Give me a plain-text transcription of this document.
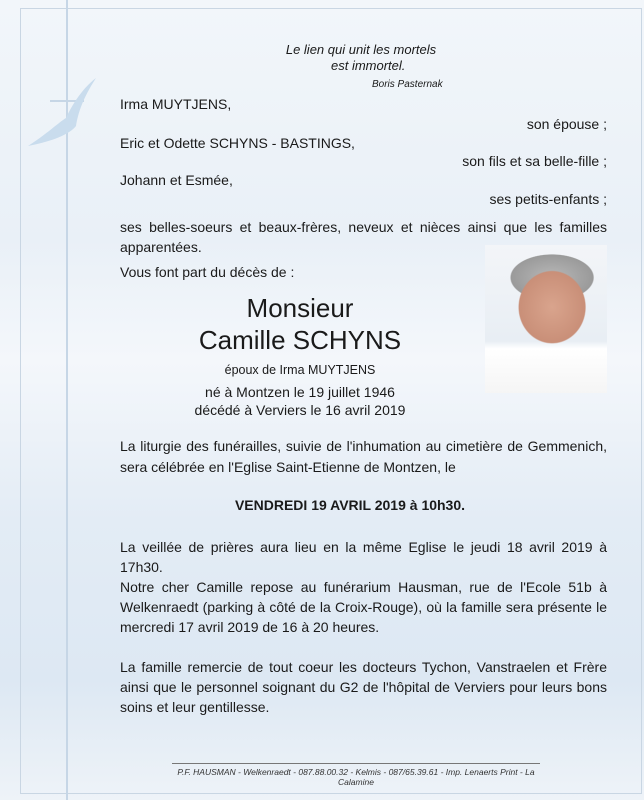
Le lien qui unit les mortels
est immortel.
Boris Pasternak
Irma MUYTJENS,
son épouse ;
Eric et Odette SCHYNS - BASTINGS,
son fils et sa belle-fille ;
Johann et Esmée,
ses petits-enfants ;
ses belles-soeurs et beaux-frères, neveux et nièces ainsi que les familles apparentées.
Vous font part du décès de :
Monsieur
Camille SCHYNS
époux de Irma MUYTJENS
né à Montzen le 19 juillet 1946
décédé à Verviers le 16 avril 2019
La liturgie des funérailles, suivie de l'inhumation au cimetière de Gemmenich, sera célébrée en l'Eglise Saint-Etienne de Montzen, le
VENDREDI 19 AVRIL 2019 à 10h30.
La veillée de prières aura lieu en la même Eglise le jeudi 18 avril 2019 à 17h30.
Notre cher Camille repose au funérarium Hausman, rue de l'Ecole 51b à Welkenraedt (parking à côté de la Croix-Rouge), où la famille sera présente le mercredi 17 avril 2019 de 16 à 20 heures.
La famille remercie de tout coeur les docteurs Tychon, Vanstraelen et Frère ainsi que le personnel soignant du G2 de l'hôpital de Verviers pour leurs bons soins et leur gentillesse.
P.F. HAUSMAN - Welkenraedt - 087.88.00.32 - Kelmis - 087/65.39.61 - Imp. Lenaerts Print - La Calamine
